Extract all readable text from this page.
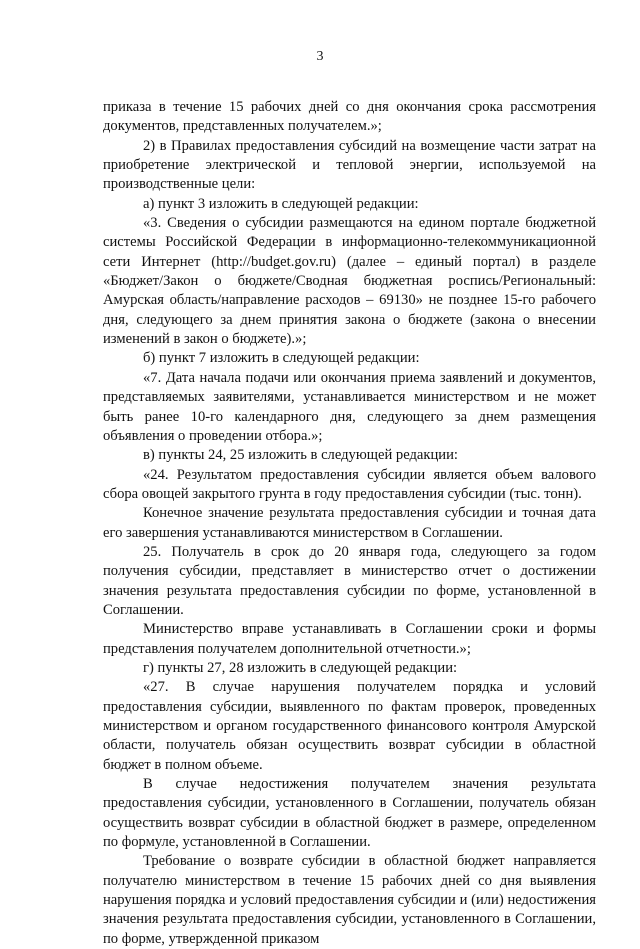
3

приказа в течение 15 рабочих дней со дня окончания срока рассмотрения документов, представленных получателем.»;

2) в Правилах предоставления субсидий на возмещение части затрат на приобретение электрической и тепловой энергии, используемой на производственные цели:

а) пункт 3 изложить в следующей редакции:

«3. Сведения о субсидии размещаются на едином портале бюджетной системы Российской Федерации в информационно-телекоммуникационной сети Интернет (http://budget.gov.ru) (далее – единый портал) в разделе «Бюджет/Закон о бюджете/Сводная бюджетная роспись/Региональный: Амурская область/направление расходов – 69130» не позднее 15-го рабочего дня, следующего за днем принятия закона о бюджете (закона о внесении изменений в закон о бюджете).»;

б) пункт 7 изложить в следующей редакции:

«7. Дата начала подачи или окончания приема заявлений и документов, представляемых заявителями, устанавливается министерством и не может быть ранее 10-го календарного дня, следующего за днем размещения объявления о проведении отбора.»;

в) пункты 24, 25 изложить в следующей редакции:

«24. Результатом предоставления субсидии является объем валового сбора овощей закрытого грунта в году предоставления субсидии (тыс. тонн).

Конечное значение результата предоставления субсидии и точная дата его завершения устанавливаются министерством в Соглашении.

25. Получатель в срок до 20 января года, следующего за годом получения субсидии, представляет в министерство отчет о достижении значения результата предоставления субсидии по форме, установленной в Соглашении.

Министерство вправе устанавливать в Соглашении сроки и формы представления получателем дополнительной отчетности.»;

г) пункты 27, 28 изложить в следующей редакции:

«27. В случае нарушения получателем порядка и условий предоставления субсидии, выявленного по фактам проверок, проведенных министерством и органом государственного финансового контроля Амурской области, получатель обязан осуществить возврат субсидии в областной бюджет в полном объеме.

В случае недостижения получателем значения результата предоставления субсидии, установленного в Соглашении, получатель обязан осуществить возврат субсидии в областной бюджет в размере, определенном по формуле, установленной в Соглашении.

Требование о возврате субсидии в областной бюджет направляется получателю министерством в течение 15 рабочих дней со дня выявления нарушения порядка и условий предоставления субсидии и (или) недостижения значения результата предоставления субсидии, установленного в Соглашении, по форме, утвержденной приказом
